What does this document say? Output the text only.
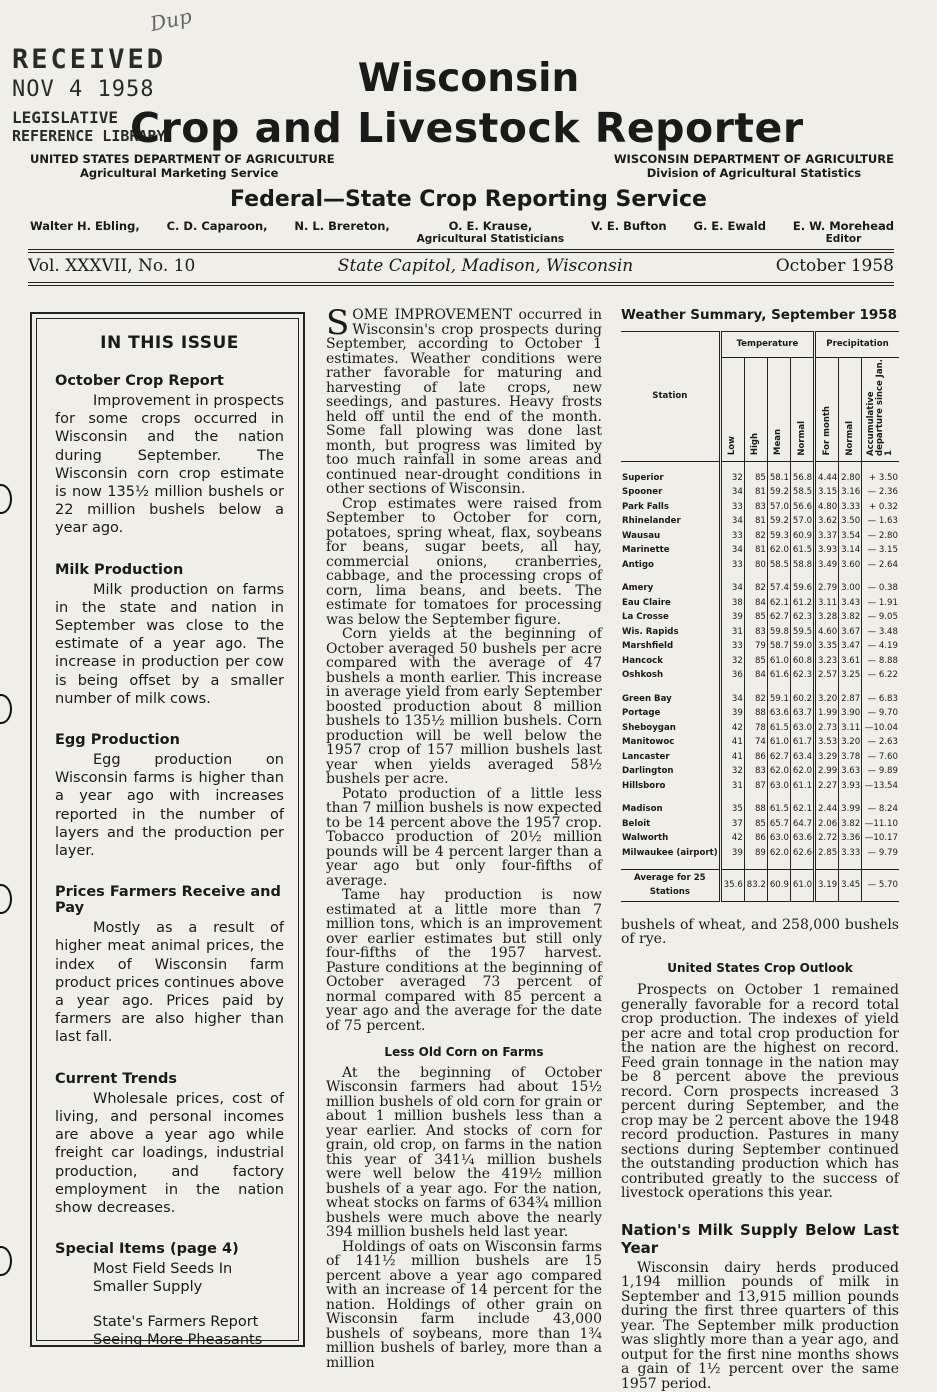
Dup
RECEIVED
NOV 4 1958
LEGISLATIVE
REFERENCE LIBRARY
Wisconsin
Crop and Livestock Reporter
UNITED STATES DEPARTMENT OF AGRICULTURE
Agricultural Marketing Service
WISCONSIN DEPARTMENT OF AGRICULTURE
Division of Agricultural Statistics
Federal—State Crop Reporting Service
Walter H. Ebling, C. D. Caparoon, N. L. Brereton,	O. E. Krause,
Agricultural Statisticians
V. E. Bufton G. E. Ewald E. W. Morehead
Editor
Vol. XXXVII, No. 10	State Capitol, Madison, Wisconsin	October 1958
IN THIS ISSUE
October Crop Report

Improvement in prospects for some crops occurred in Wisconsin and the nation during September. The Wisconsin corn crop estimate is now 135½ million bushels or 22 million bushels below a year ago.

Milk Production

Milk production on farms in the state and nation in September was close to the estimate of a year ago. The increase in production per cow is being offset by a smaller number of milk cows.

Egg Production

Egg production on Wisconsin farms is higher than a year ago with increases reported in the number of layers and the production per layer.

Prices Farmers Receive and Pay

Mostly as a result of higher meat animal prices, the index of Wisconsin farm product prices continues above a year ago. Prices paid by farmers are also higher than last fall.

Current Trends

Wholesale prices, cost of living, and personal incomes are above a year ago while freight car loadings, industrial production, and factory employment in the nation show decreases.

Special Items (page 4)

Most Field Seeds In Smaller Supply

State's Farmers Report Seeing More Pheasants

SOME IMPROVEMENT occurred in Wisconsin's crop prospects during September, according to October 1 estimates. Weather conditions were rather favorable for maturing and harvesting of late crops, new seedings, and pastures. Heavy frosts held off until the end of the month. Some fall plowing was done last month, but progress was limited by too much rainfall in some areas and continued near-drought conditions in other sections of Wisconsin.

Crop estimates were raised from September to October for corn, potatoes, spring wheat, flax, soybeans for beans, sugar beets, all hay, commercial onions, cranberries, cabbage, and the processing crops of corn, lima beans, and beets. The estimate for tomatoes for processing was below the September figure.

Corn yields at the beginning of October averaged 50 bushels per acre compared with the average of 47 bushels a month earlier. This increase in average yield from early September boosted production about 8 million bushels to 135½ million bushels. Corn production will be well below the 1957 crop of 157 million bushels last year when yields averaged 58½ bushels per acre.

Potato production of a little less than 7 million bushels is now expected to be 14 percent above the 1957 crop. Tobacco production of 20½ million pounds will be 4 percent larger than a year ago but only four-fifths of average.

Tame hay production is now estimated at a little more than 7 million tons, which is an improvement over earlier estimates but still only four-fifths of the 1957 harvest. Pasture conditions at the beginning of October averaged 73 percent of normal compared with 85 percent a year ago and the average for the date of 75 percent.

Less Old Corn on Farms

At the beginning of October Wisconsin farmers had about 15½ million bushels of old corn for grain or about 1 million bushels less than a year earlier. And stocks of corn for grain, old crop, on farms in the nation this year of 341¼ million bushels were well below the 419½ million bushels of a year ago. For the nation, wheat stocks on farms of 634¾ million bushels were much above the nearly 394 million bushels held last year.

Holdings of oats on Wisconsin farms of 141½ million bushels are 15 percent above a year ago compared with an increase of 14 percent for the nation. Holdings of other grain on Wisconsin farm include 43,000 bushels of soybeans, more than 1¾ million bushels of barley, more than a million

Weather Summary, September 1958
Station	Temperature				Precipitation		
	Low	High	Mean	Normal	For month	Normal	Accumulative departure since Jan. 1

Superior	32	85	58.1	56.8	4.44	2.80	+ 3.50
Spooner	34	81	59.2	58.5	3.15	3.16	— 2.36
Park Falls	33	83	57.0	56.6	4.80	3.33	+ 0.32
Rhinelander	34	81	59.2	57.0	3.62	3.50	— 1.63
Wausau	33	82	59.3	60.9	3.37	3.54	— 2.80
Marinette	34	81	62.0	61.5	3.93	3.14	— 3.15
Antigo	33	80	58.5	58.8	3.49	3.60	— 2.64

Amery	34	82	57.4	59.6	2.79	3.00	— 0.38
Eau Claire	38	84	62.1	61.2	3.11	3.43	— 1.91
La Crosse	39	85	62.7	62.3	3.28	3.82	— 9.05
Wis. Rapids	31	83	59.8	59.5	4.60	3.67	— 3.48
Marshfield	33	79	58.7	59.0	3.35	3.47	— 4.19
Hancock	32	85	61.0	60.8	3.23	3.61	— 8.88
Oshkosh	36	84	61.6	62.3	2.57	3.25	— 6.22

Green Bay	34	82	59.1	60.2	3.20	2.87	— 6.83
Portage	39	88	63.6	63.7	1.99	3.90	— 9.70
Sheboygan	42	78	61.5	63.0	2.73	3.11	—10.04
Manitowoc	41	74	61.0	61.7	3.53	3.20	— 2.63
Lancaster	41	86	62.7	63.4	3.29	3.78	— 7.60
Darlington	32	83	62.0	62.0	2.99	3.63	— 9.89
Hillsboro	31	87	63.0	61.1	2.27	3.93	—13.54

Madison	35	88	61.5	62.1	2.44	3.99	— 8.24
Beloit	37	85	65.7	64.7	2.06	3.82	—11.10
Walworth	42	86	63.0	63.6	2.72	3.36	—10.17
Milwaukee (airport)	39	89	62.0	62.6	2.85	3.33	— 9.79

Average for 25 Stations	35.6	83.2	60.9	61.0	3.19	3.45	— 5.70

bushels of wheat, and 258,000 bushels of rye.

United States Crop Outlook

Prospects on October 1 remained generally favorable for a record total crop production. The indexes of yield per acre and total crop production for the nation are the highest on record. Feed grain tonnage in the nation may be 8 percent above the previous record. Corn prospects increased 3 percent during September, and the crop may be 2 percent above the 1948 record production. Pastures in many sections during September continued the outstanding production which has contributed greatly to the success of livestock operations this year.

Nation's Milk Supply Below Last Year

Wisconsin dairy herds produced 1,194 million pounds of milk in September and 13,915 million pounds during the first three quarters of this year. The September milk production was slightly more than a year ago, and output for the first nine months shows a gain of 1½ percent over the same 1957 period.
